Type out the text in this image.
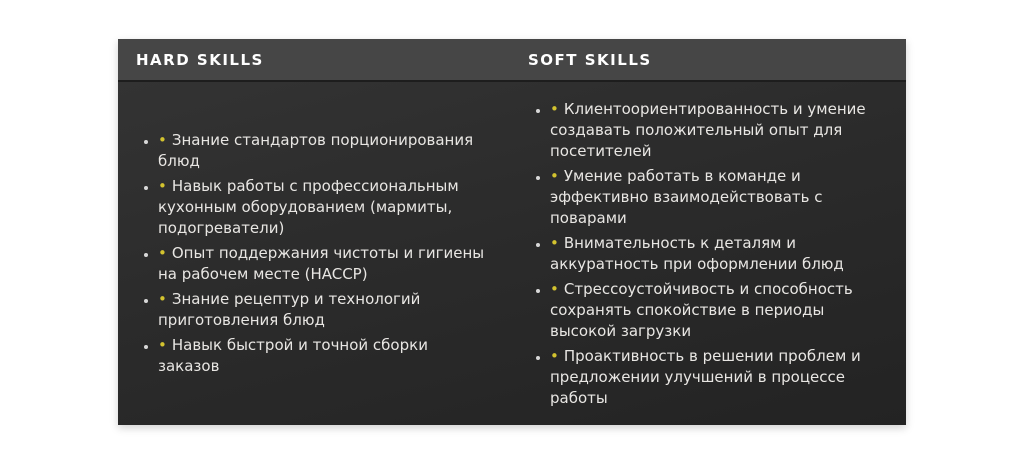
HARD SKILLS	SOFT SKILLS
• • Знание стандартов порционирования блюд
• • Навык работы с профессиональным кухонным оборудованием (мармиты, подогреватели)
• • Опыт поддержания чистоты и гигиены на рабочем месте (HACCP)
• • Знание рецептур и технологий приготовления блюд
• • Навык быстрой и точной сборки заказов
• • Клиентоориентированность и умение создавать положительный опыт для посетителей
• • Умение работать в команде и эффективно взаимодействовать с поварами
• • Внимательность к деталям и аккуратность при оформлении блюд
• • Стрессоустойчивость и способность сохранять спокойствие в периоды высокой загрузки
• • Проактивность в решении проблем и предложении улучшений в процессе работы
